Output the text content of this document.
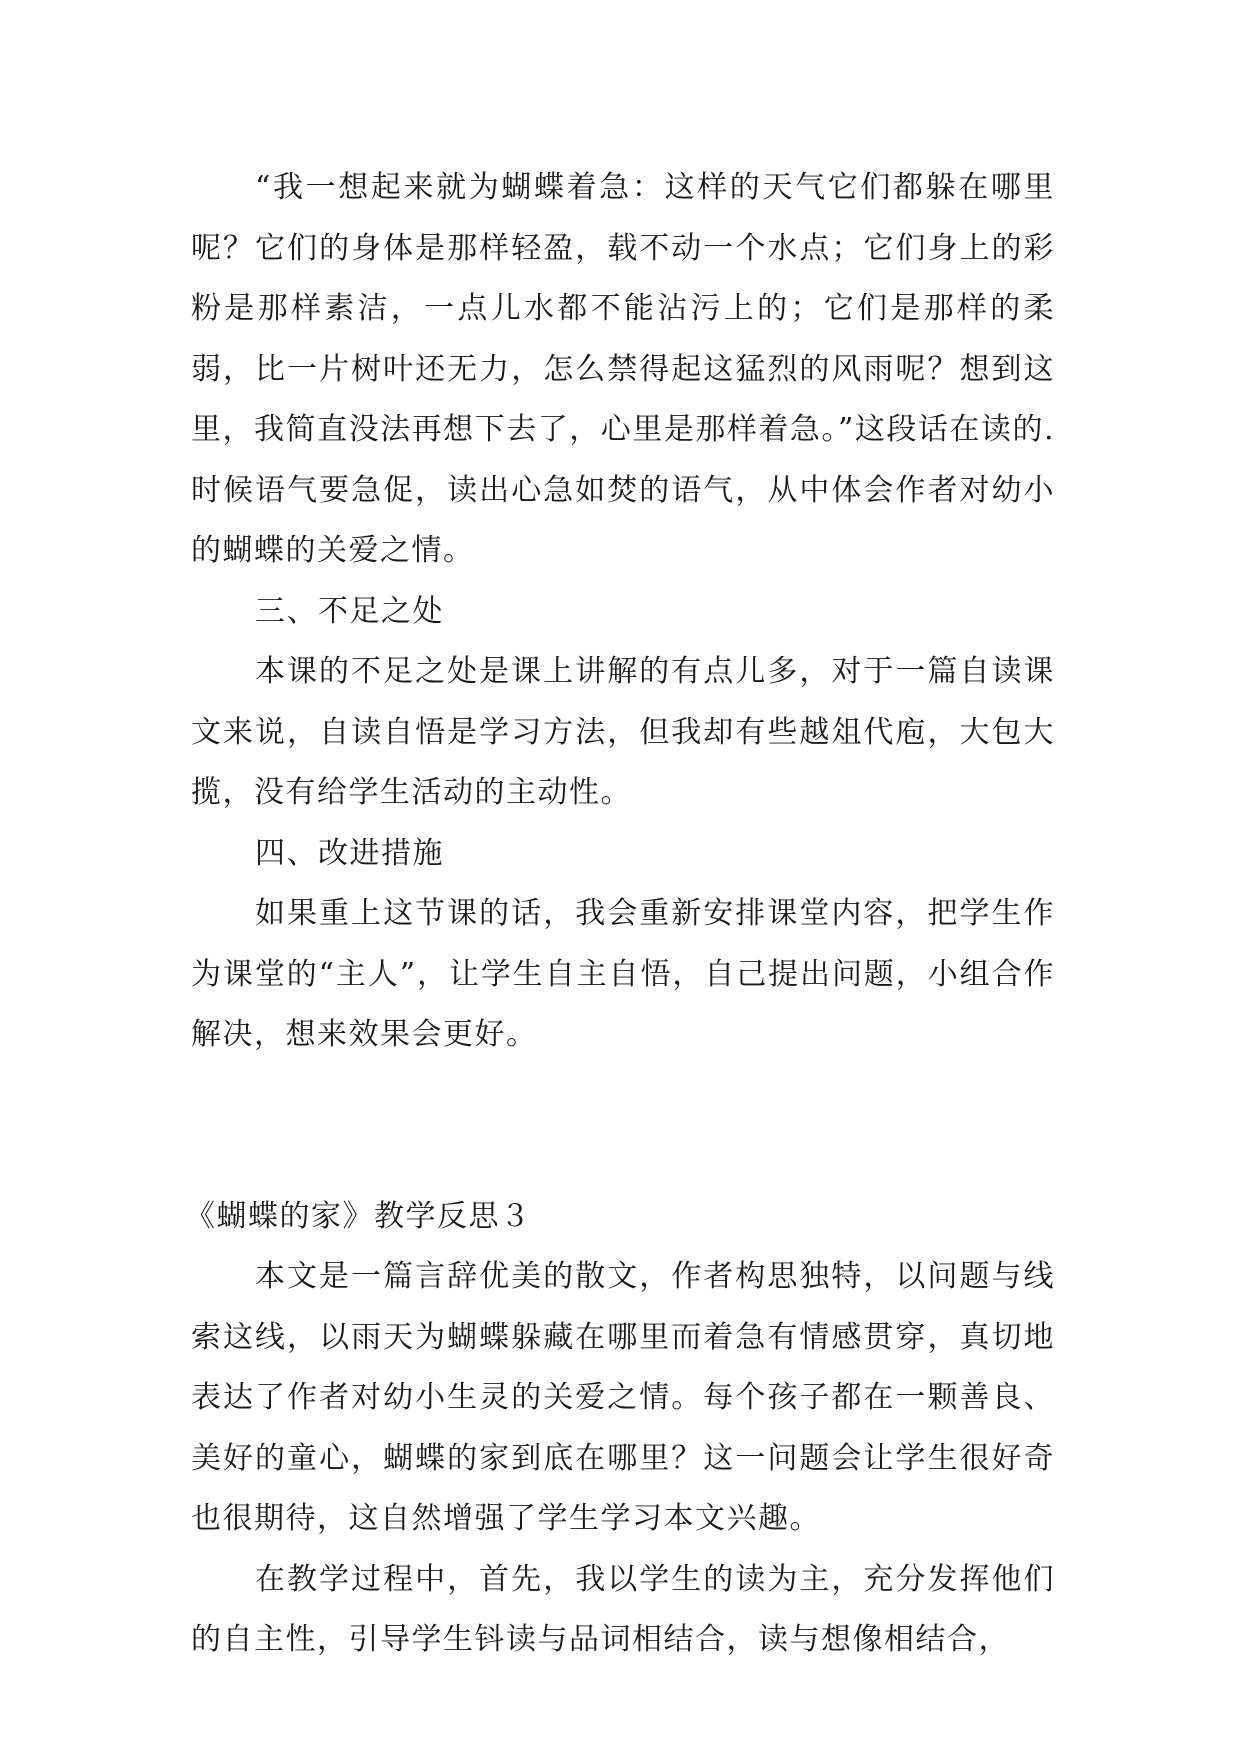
“我一想起来就为蝴蝶着急：这样的天气它们都躲在哪里呢？它们的身体是那样轻盈，载不动一个水点；它们身上的彩粉是那样素洁，一点儿水都不能沾污上的；它们是那样的柔弱，比一片树叶还无力，怎么禁得起这猛烈的风雨呢？想到这里，我简直没法再想下去了，心里是那样着急。”这段话在读的.时候语气要急促，读出心急如焚的语气，从中体会作者对幼小的蝴蝶的关爱之情。

三、不足之处

本课的不足之处是课上讲解的有点儿多，对于一篇自读课文来说，自读自悟是学习方法，但我却有些越俎代庖，大包大揽，没有给学生活动的主动性。

四、改进措施

如果重上这节课的话，我会重新安排课堂内容，把学生作为课堂的“主人”，让学生自主自悟，自己提出问题，小组合作解决，想来效果会更好。

《蝴蝶的家》教学反思３

本文是一篇言辞优美的散文，作者构思独特，以问题与线索这线，以雨天为蝴蝶躲藏在哪里而着急有情感贯穿，真切地表达了作者对幼小生灵的关爱之情。每个孩子都在一颗善良、美好的童心，蝴蝶的家到底在哪里？这一问题会让学生很好奇也很期待，这自然增强了学生学习本文兴趣。

在教学过程中，首先，我以学生的读为主，充分发挥他们的自主性，引导学生钭读与品词相结合，读与想像相结合，
